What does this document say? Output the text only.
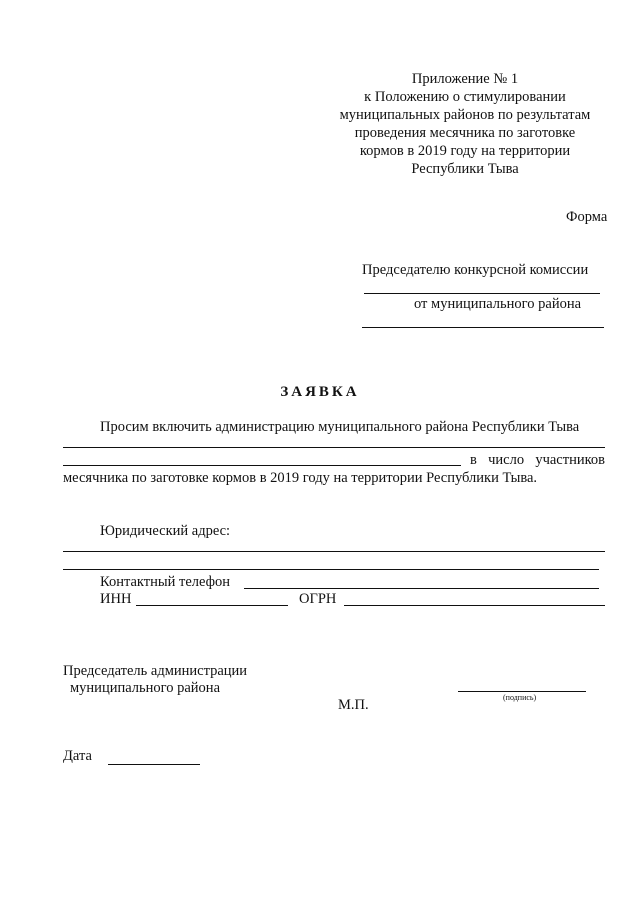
Приложение № 1
к Положению о стимулировании
муниципальных районов по результатам
проведения месячника по заготовке
кормов в 2019 году на территории
Республики Тыва
Форма
Председателю конкурсной комиссии
от муниципального района
ЗАЯВКА
Просим включить администрацию муниципального района Республики Тыва
в число участников
месячника по заготовке кормов в 2019 году на территории Республики Тыва.
Юридический адрес:
Контактный телефон
ИНН	ОГРН
Председатель администрации
муниципального района
М.П.	(подпись)
Дата
